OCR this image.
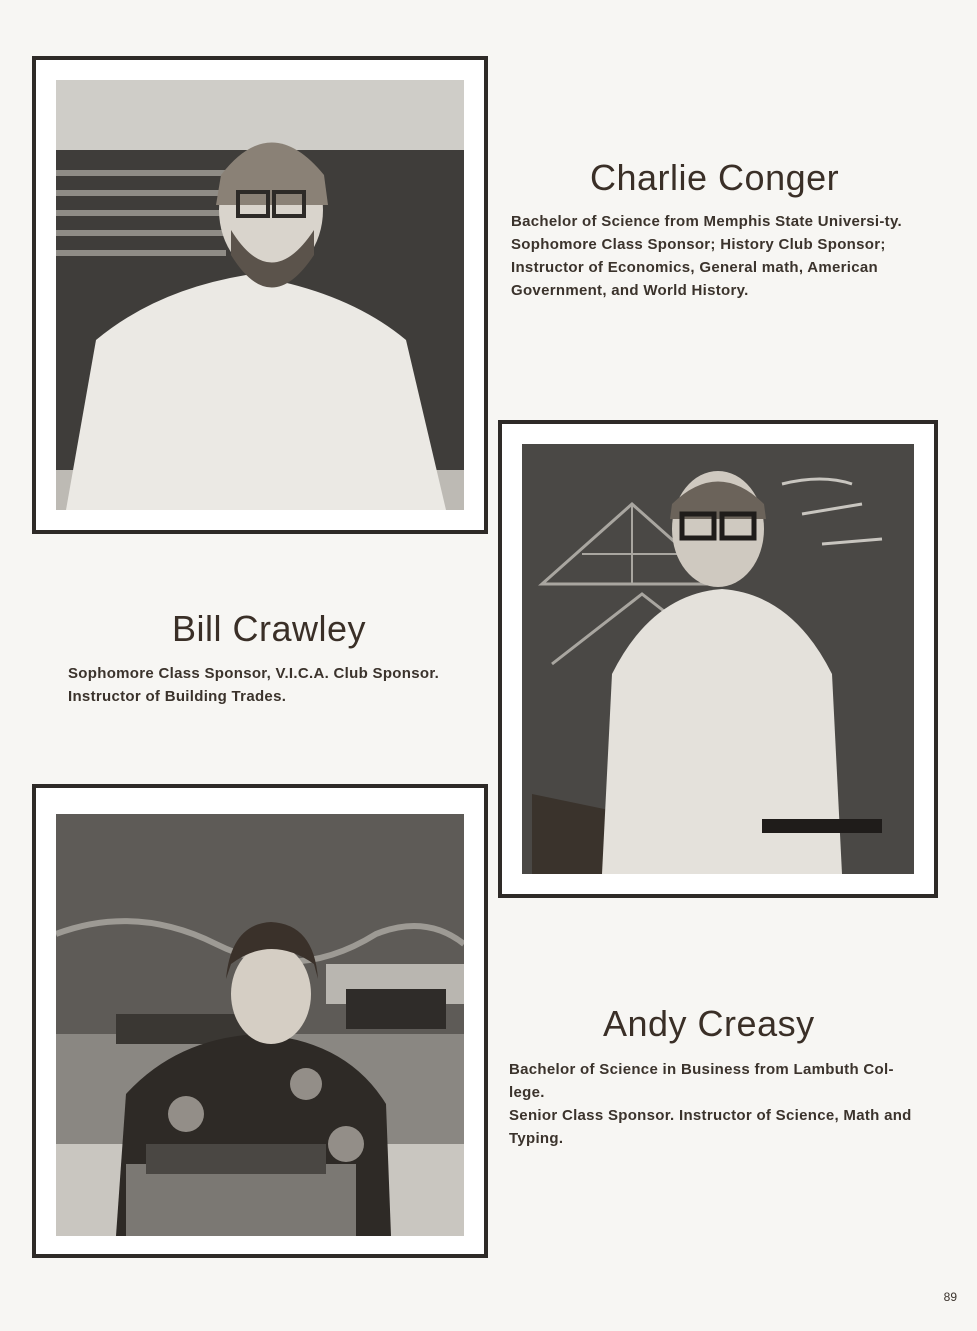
Charlie Conger

Bachelor of Science from Memphis State Universi-ty.

Sophomore Class Sponsor; History Club Sponsor; Instructor of Economics, General math, American Government, and World History.

Bill Crawley

Sophomore Class Sponsor, V.I.C.A. Club Sponsor. Instructor of Building Trades.

Andy Creasy

Bachelor of Science in Business from Lambuth Col-lege.

Senior Class Sponsor. Instructor of Science, Math and Typing.

89
